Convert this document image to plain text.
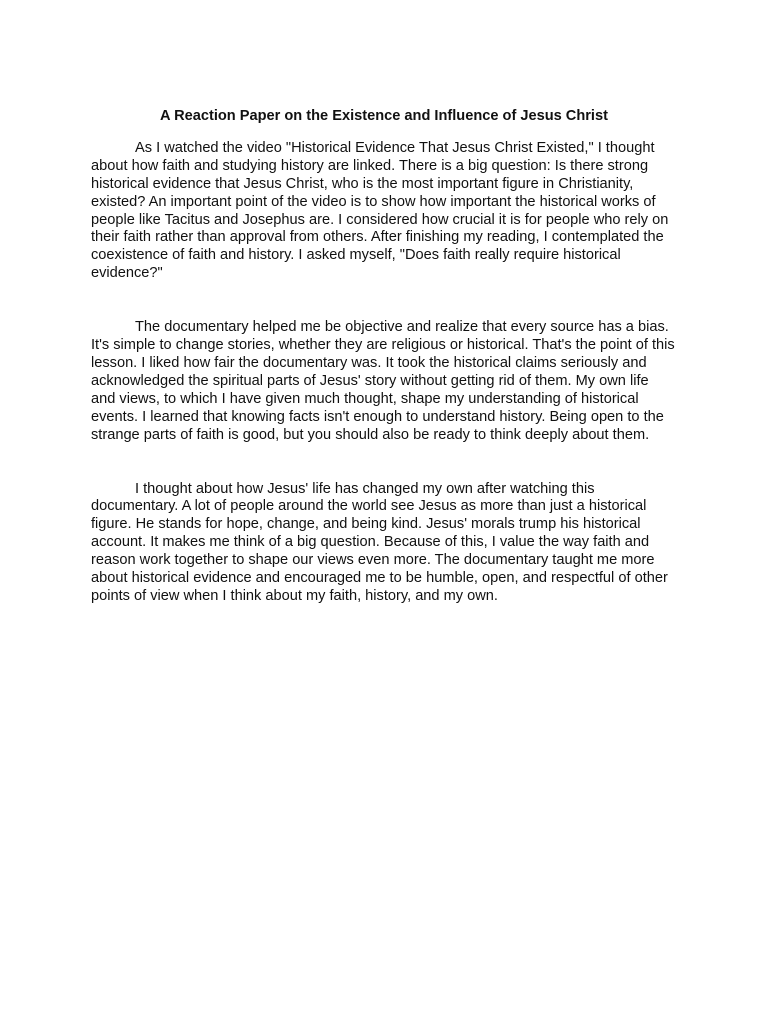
A Reaction Paper on the Existence and Influence of Jesus Christ

As I watched the video "Historical Evidence That Jesus Christ Existed," I thought about how faith and studying history are linked. There is a big question: Is there strong historical evidence that Jesus Christ, who is the most important figure in Christianity, existed? An important point of the video is to show how important the historical works of people like Tacitus and Josephus are. I considered how crucial it is for people who rely on their faith rather than approval from others. After finishing my reading, I contemplated the coexistence of faith and history. I asked myself, "Does faith really require historical evidence?"

The documentary helped me be objective and realize that every source has a bias. It's simple to change stories, whether they are religious or historical. That's the point of this lesson. I liked how fair the documentary was. It took the historical claims seriously and acknowledged the spiritual parts of Jesus' story without getting rid of them. My own life and views, to which I have given much thought, shape my understanding of historical events. I learned that knowing facts isn't enough to understand history. Being open to the strange parts of faith is good, but you should also be ready to think deeply about them.

I thought about how Jesus' life has changed my own after watching this documentary. A lot of people around the world see Jesus as more than just a historical figure. He stands for hope, change, and being kind. Jesus' morals trump his historical account. It makes me think of a big question. Because of this, I value the way faith and reason work together to shape our views even more. The documentary taught me more about historical evidence and encouraged me to be humble, open, and respectful of other points of view when I think about my faith, history, and my own.
